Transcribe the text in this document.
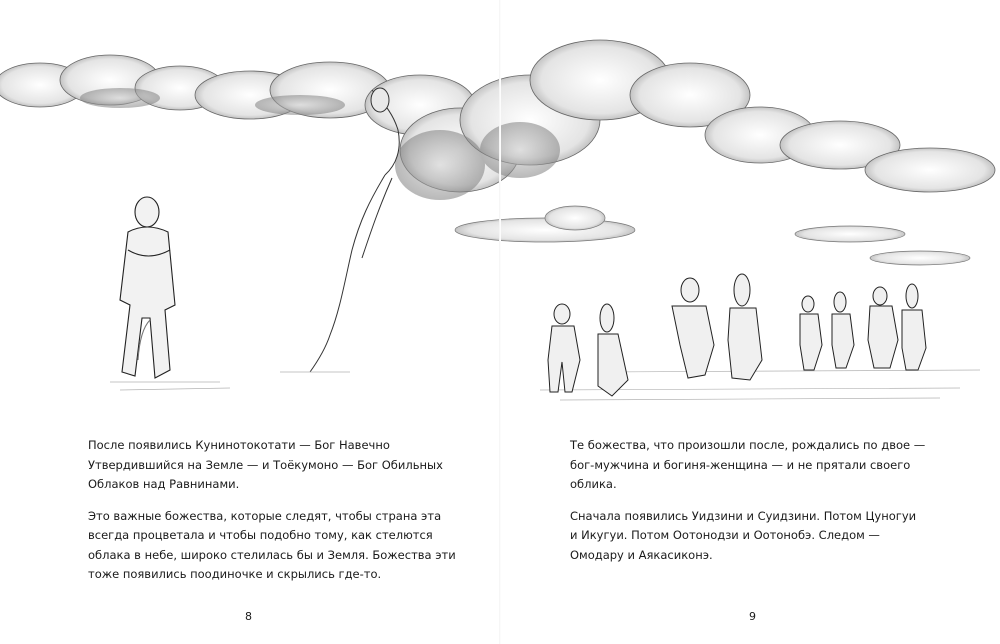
После появились Кунинотокотати — Бог Навечно
Утвердившийся на Земле — и Тоёкумоно — Бог Обильных
Облаков над Равнинами.

Это важные божества, которые следят, чтобы страна эта
всегда процветала и чтобы подобно тому, как стелются
облака в небе, широко стелилась бы и Земля. Божества эти
тоже появились поодиночке и скрылись где-то.

Те божества, что произошли после, рождались по двое —
бог-мужчина и богиня-женщина — и не прятали своего
облика.

Сначала появились Уидзини и Суидзини. Потом Цуногуи
и Икугуи. Потом Оотонодзи и Оотонобэ. Следом —
Омодару и Аякасиконэ.

8	9
